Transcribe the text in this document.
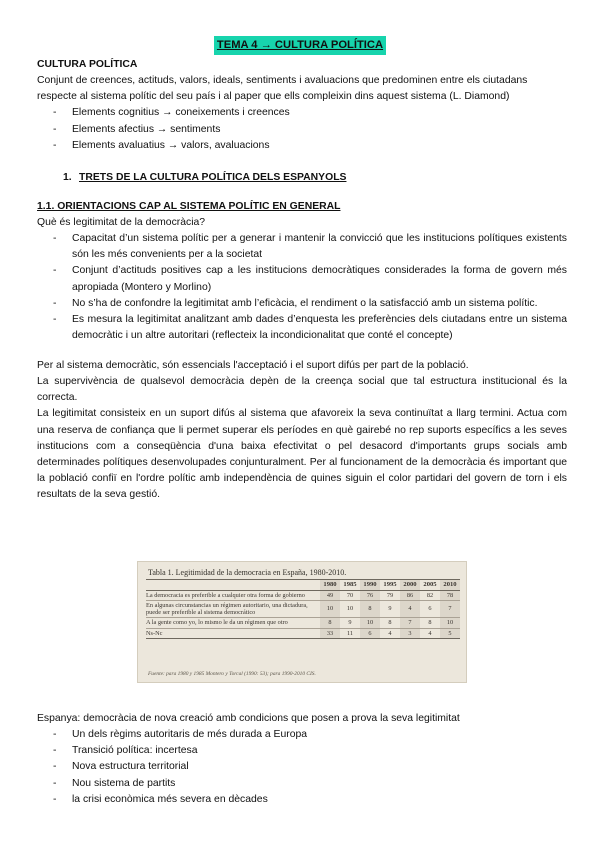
TEMA 4 → CULTURA POLÍTICA

CULTURA POLÍTICA

Conjunt de creences, actituds, valors, ideals, sentiments i avaluacions que predominen entre els ciutadans respecte al sistema polític del seu país i al paper que ells compleixin dins aquest sistema (L. Diamond)

- Elements cognitius → coneixements i creences
- Elements afectius → sentiments
- Elements avaluatius → valors, avaluacions

1. TRETS DE LA CULTURA POLÍTICA DELS ESPANYOLS

1.1. ORIENTACIONS CAP AL SISTEMA POLÍTIC EN GENERAL

Què és legitimitat de la democràcia?

- Capacitat d’un sistema polític per a generar i mantenir la convicció que les institucions polítiques existents són les més convenients per a la societat
- Conjunt d’actituds positives cap a les institucions democràtiques considerades la forma de govern més apropiada (Montero y Morlino)
- No s’ha de confondre la legitimitat amb l’eficàcia, el rendiment o la satisfacció amb un sistema polític.
- Es mesura la legitimitat analitzant amb dades d’enquesta les preferències dels ciutadans entre un sistema democràtic i un altre autoritari (reflecteix la incondicionalitat que conté el concepte)

Per al sistema democràtic, són essencials l'acceptació i el suport difús per part de la població.

La supervivència de qualsevol democràcia depèn de la creença social que tal estructura institucional és la correcta.

La legitimitat consisteix en un suport difús al sistema que afavoreix la seva continuïtat a llarg termini. Actua com una reserva de confiança que li permet superar els períodes en què gairebé no rep suports específics a les seves institucions com a conseqüència d'una baixa efectivitat o pel desacord d'importants grups socials amb determinades polítiques desenvolupades conjunturalment. Per al funcionament de la democràcia és important que la població confiï en l'ordre polític amb independència de quines siguin el color partidari del govern de torn i els resultats de la seva gestió.

Tabla 1. Legitimidad de la democracia en España, 1980-2010.
	1980	1985	1990	1995	2000	2005	2010
La democracia es preferible a cualquier otra forma de gobierno	49	70	76	79	86	82	78
En algunas circunstancias un régimen autoritario, una dictadura, puede ser preferible al sistema democrático	10	10	8	9	4	6	7
A la gente como yo, lo mismo le da un régimen que otro	8	9	10	8	7	8	10
Ns-Nc	33	11	6	4	3	4	5
Fuente: para 1980 y 1985 Montero y Torcal (1990: 53); para 1990-2010 CIS.

Espanya: democràcia de nova creació amb condicions que posen a prova la seva legitimitat

- Un dels règims autoritaris de més durada a Europa
- Transició política: incertesa
- Nova estructura territorial
- Nou sistema de partits
- la crisi econòmica més severa en dècades
